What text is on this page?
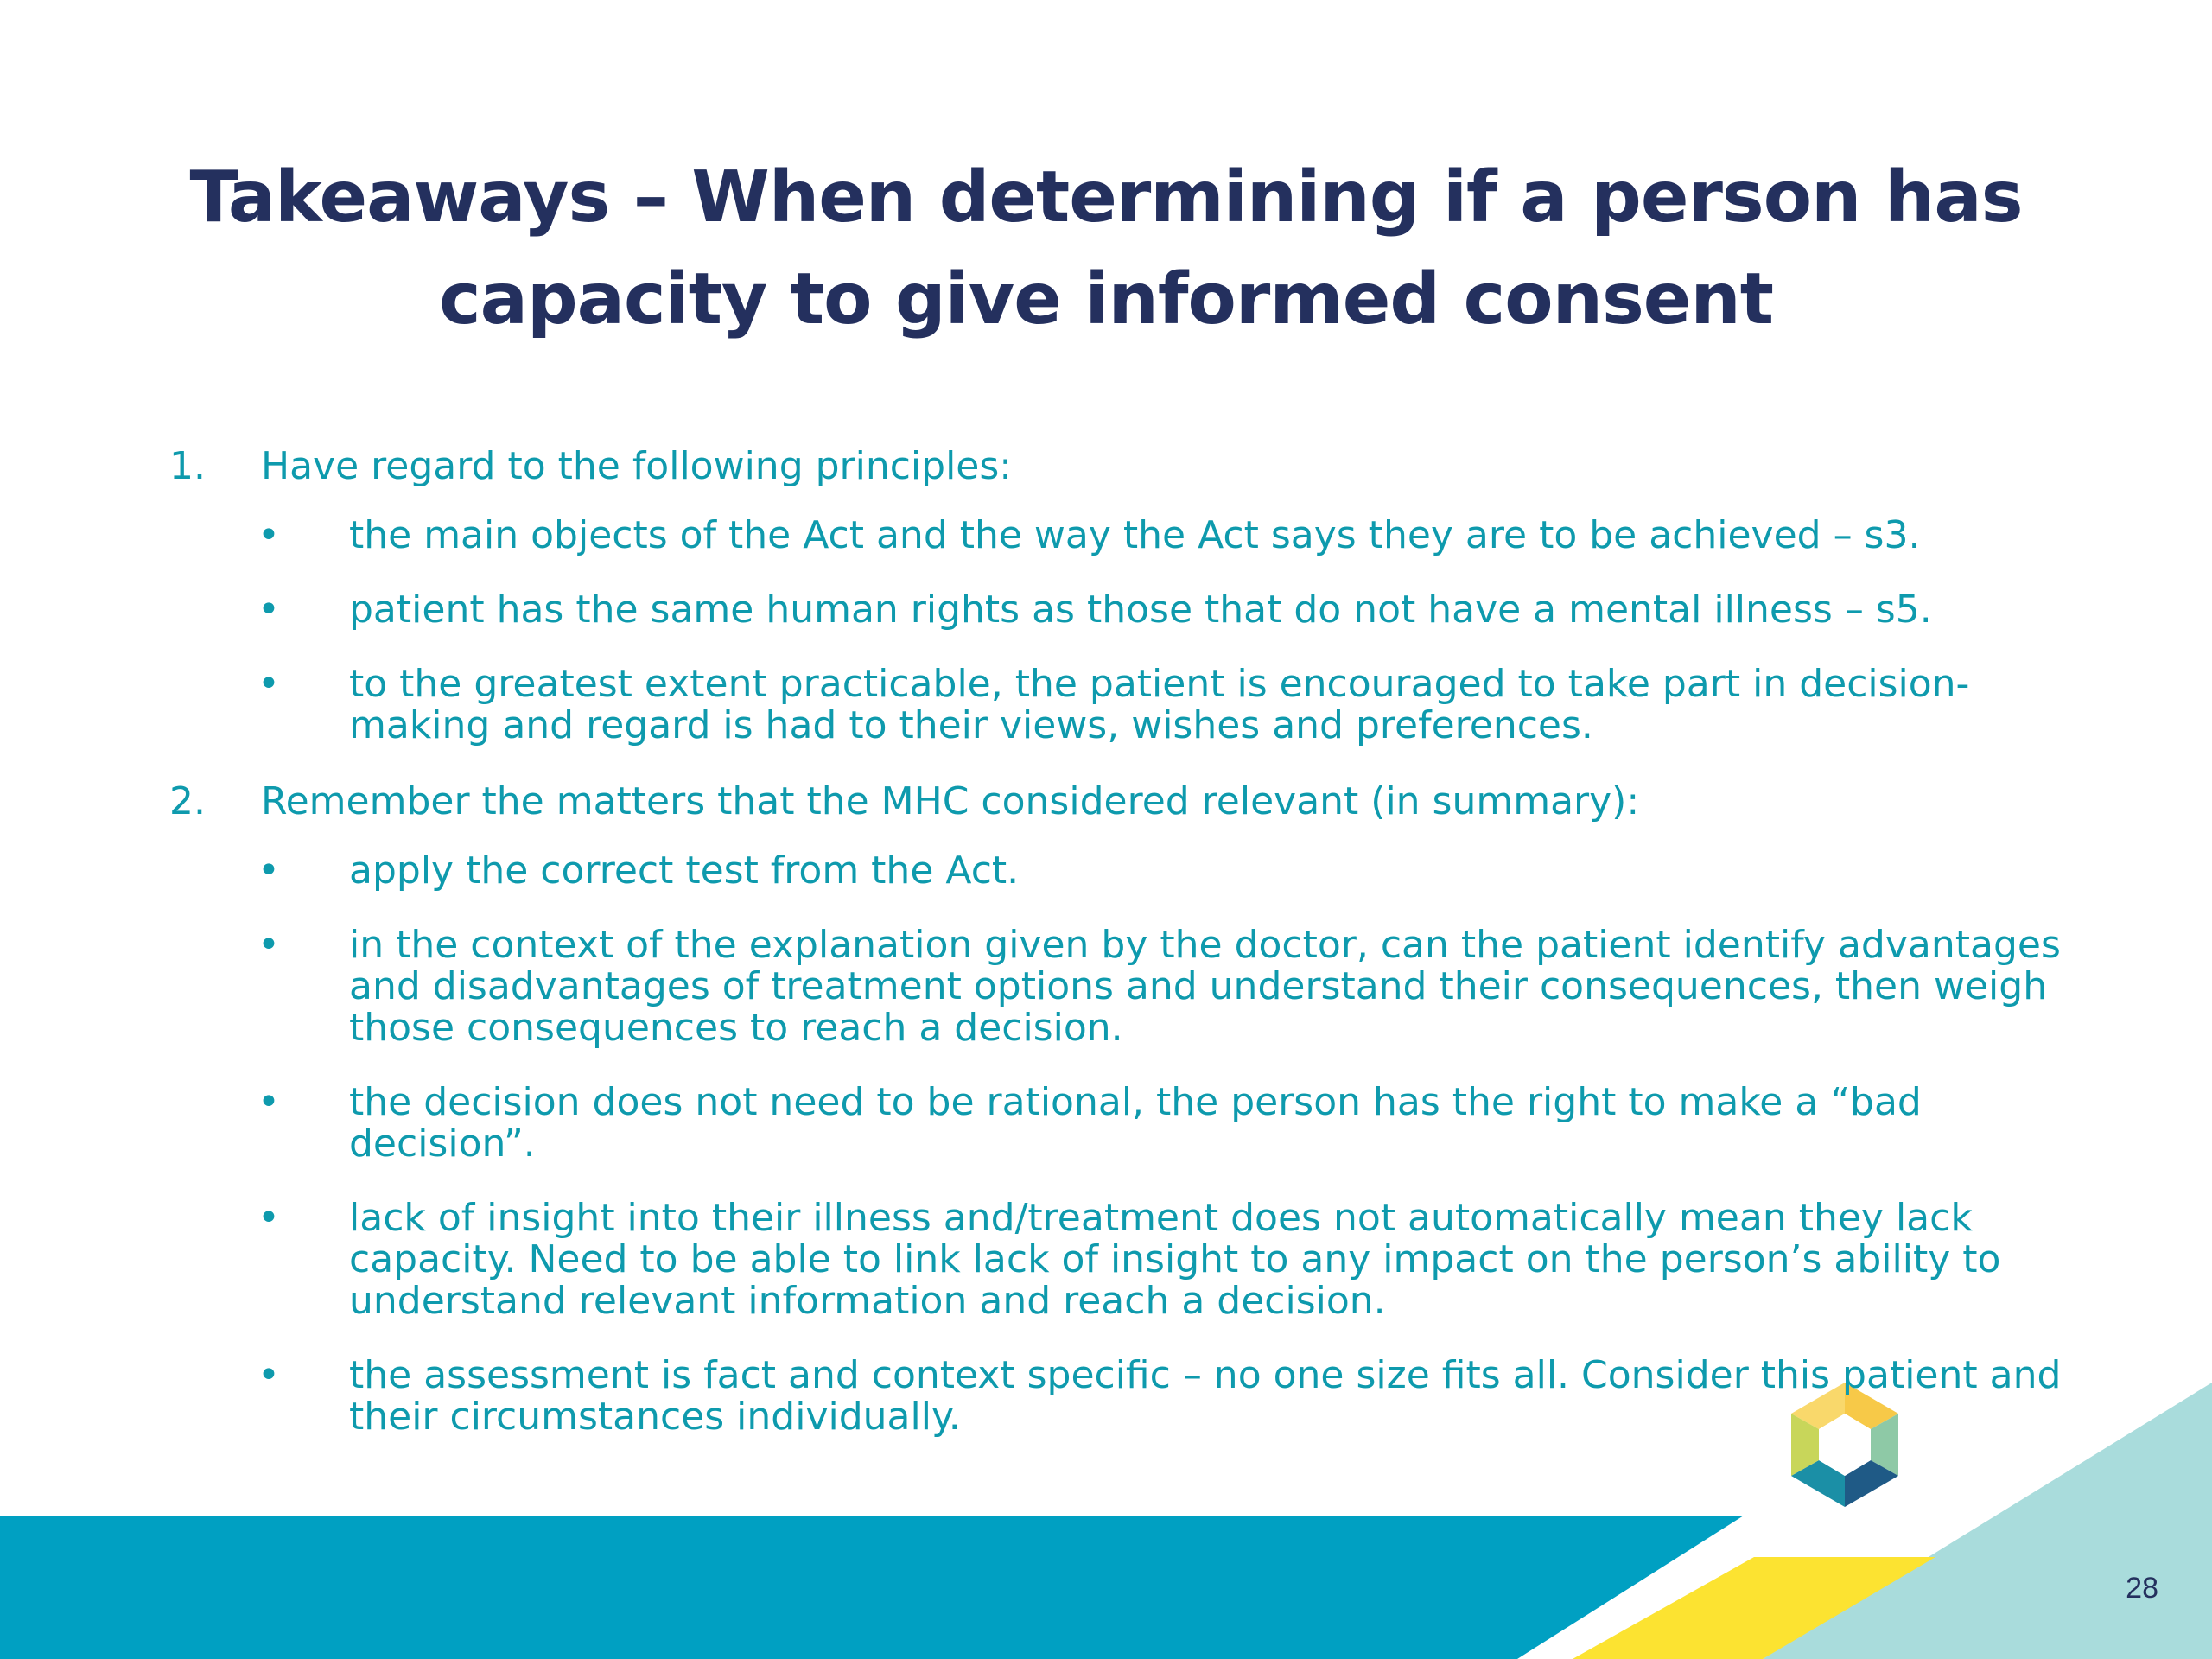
Takeaways – When determining if a person has capacity to give informed consent
1. Have regard to the following principles:
• the main objects of the Act and the way the Act says they are to be achieved – s3.
• patient has the same human rights as those that do not have a mental illness – s5.
• to the greatest extent practicable, the patient is encouraged to take part in decision-making and regard is had to their views, wishes and preferences.
2. Remember the matters that the MHC considered relevant (in summary):
• apply the correct test from the Act.
• in the context of the explanation given by the doctor, can the patient identify advantages and disadvantages of treatment options and understand their consequences, then weigh those consequences to reach a decision.
• the decision does not need to be rational, the person has the right to make a “bad decision”.
• lack of insight into their illness and/treatment does not automatically mean they lack capacity. Need to be able to link lack of insight to any impact on the person’s ability to understand relevant information and reach a decision.
• the assessment is fact and context specific – no one size fits all. Consider this patient and their circumstances individually.
28
